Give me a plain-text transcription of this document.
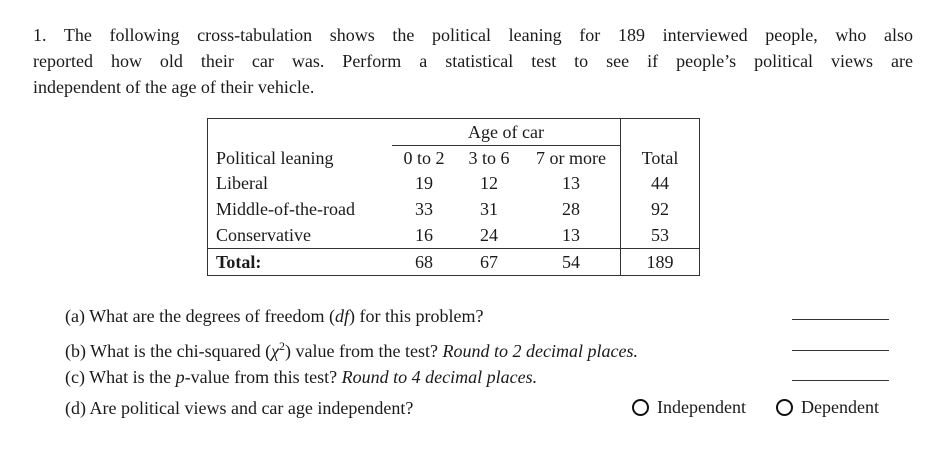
1. The following cross-tabulation shows the political leaning for 189 interviewed people, who also
reported how old their car was. Perform a statistical test to see if people’s political views are
independent of the age of their vehicle.
	Age of car			
Political leaning	0 to 2	3 to 6	7 or more	Total
Liberal	19	12	13	44
Middle-of-the-road	33	31	28	92
Conservative	16	24	13	53
Total:	68	67	54	189
(a) What are the degrees of freedom (df) for this problem?
(b) What is the chi-squared $(\chi^2)$ value from the test? Round to 2 decimal places.
(c) What is the p-value from this test? Round to 4 decimal places.
(d) Are political views and car age independent?	Independent	Dependent
